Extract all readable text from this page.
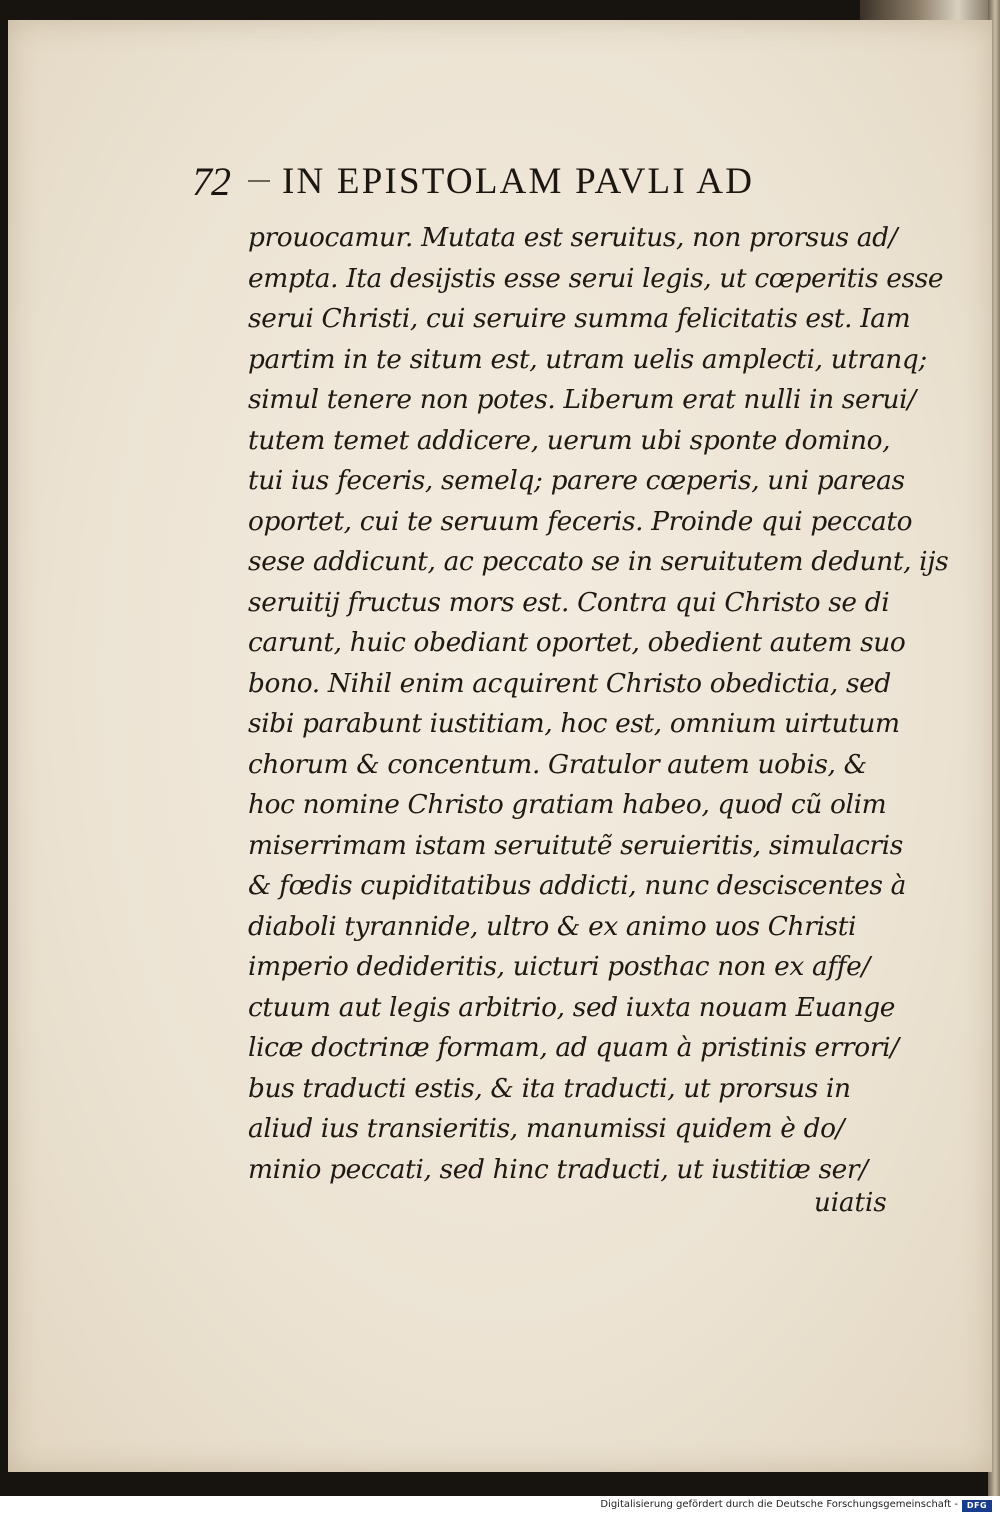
72 IN EPISTOLAM PAVLI AD
prouocamur. Mutata est seruitus, non prorsus ad/
empta. Ita desijstis esse serui legis, ut cœperitis esse
serui Christi, cui seruire summa felicitatis est. Iam
partim in te situm est, utram uelis amplecti, utranq;
simul tenere non potes. Liberum erat nulli in serui/
tutem temet addicere, uerum ubi sponte domino,
tui ius feceris, semelq; parere cœperis, uni pareas
oportet, cui te seruum feceris. Proinde qui peccato
sese addicunt, ac peccato se in seruitutem dedunt, ijs
seruitij fructus mors est. Contra qui Christo se di
carunt, huic obediant oportet, obedient autem suo
bono. Nihil enim acquirent Christo obedictia, sed
sibi parabunt iustitiam, hoc est, omnium uirtutum
chorum & concentum. Gratulor autem uobis, &
hoc nomine Christo gratiam habeo, quod cũ olim
miserrimam istam seruitutẽ seruieritis, simulacris
& fœdis cupiditatibus addicti, nunc desciscentes à
diaboli tyrannide, ultro & ex animo uos Christi
imperio dedideritis, uicturi posthac non ex affe/
ctuum aut legis arbitrio, sed iuxta nouam Euange
licæ doctrinæ formam, ad quam à pristinis errori/
bus traducti estis, & ita traducti, ut prorsus in
aliud ius transieritis, manumissi quidem è do/
minio peccati, sed hinc traducti, ut iustitiæ ser/
uiatis
Digitalisierung gefördert durch die Deutsche Forschungsgemeinschaft -	DFG
